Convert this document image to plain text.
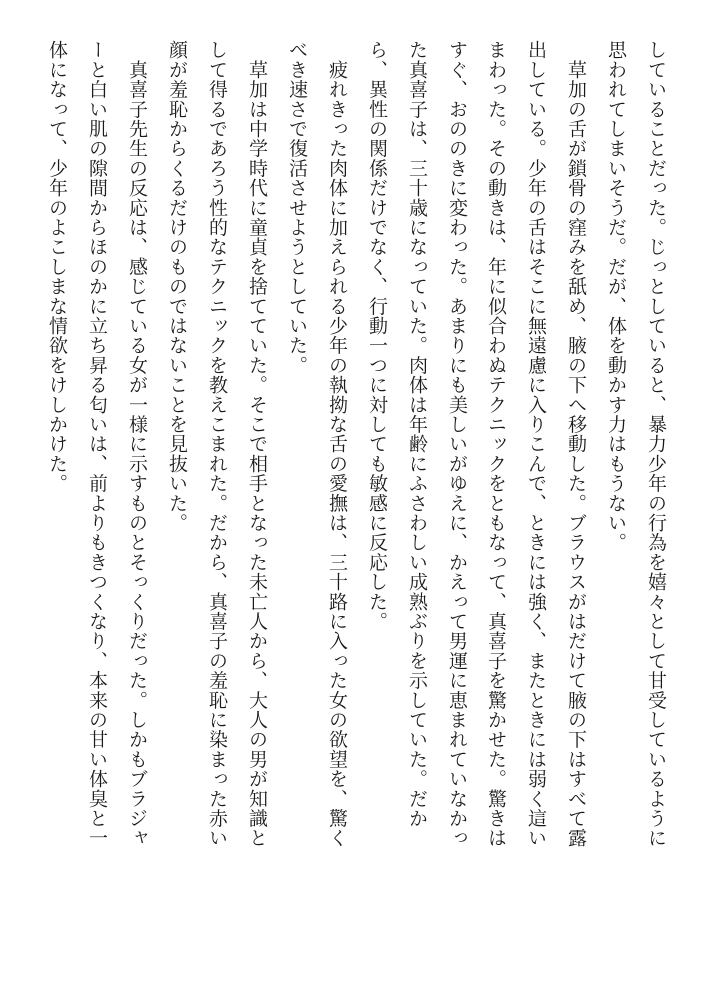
していることだった。じっとしていると、暴力少年の行為を嬉々として甘受しているように
思われてしまいそうだ。だが、体を動かす力はもうない。
　草加の舌が鎖骨の窪みを舐め、腋の下へ移動した。ブラウスがはだけて腋の下はすべて露
出している。少年の舌はそこに無遠慮に入りこんで、ときには強く、またときには弱く這い
まわった。その動きは、年に似合わぬテクニックをともなって、真喜子を驚かせた。驚きは
すぐ、おののきに変わった。あまりにも美しいがゆえに、かえって男運に恵まれていなかっ
た真喜子は、三十歳になっていた。肉体は年齢にふさわしい成熟ぶりを示していた。だか
ら、異性の関係だけでなく、行動一つに対しても敏感に反応した。
　疲れきった肉体に加えられる少年の執拗な舌の愛撫は、三十路に入った女の欲望を、驚く
べき速さで復活させようとしていた。
　草加は中学時代に童貞を捨てていた。そこで相手となった未亡人から、大人の男が知識と
して得るであろう性的なテクニックを教えこまれた。だから、真喜子の羞恥に染まった赤い
顔が羞恥からくるだけのものではないことを見抜いた。
　真喜子先生の反応は、感じている女が一様に示すものとそっくりだった。しかもブラジャ
ーと白い肌の隙間からほのかに立ち昇る匂いは、前よりもきつくなり、本来の甘い体臭と一
体になって、少年のよこしまな情欲をけしかけた。
